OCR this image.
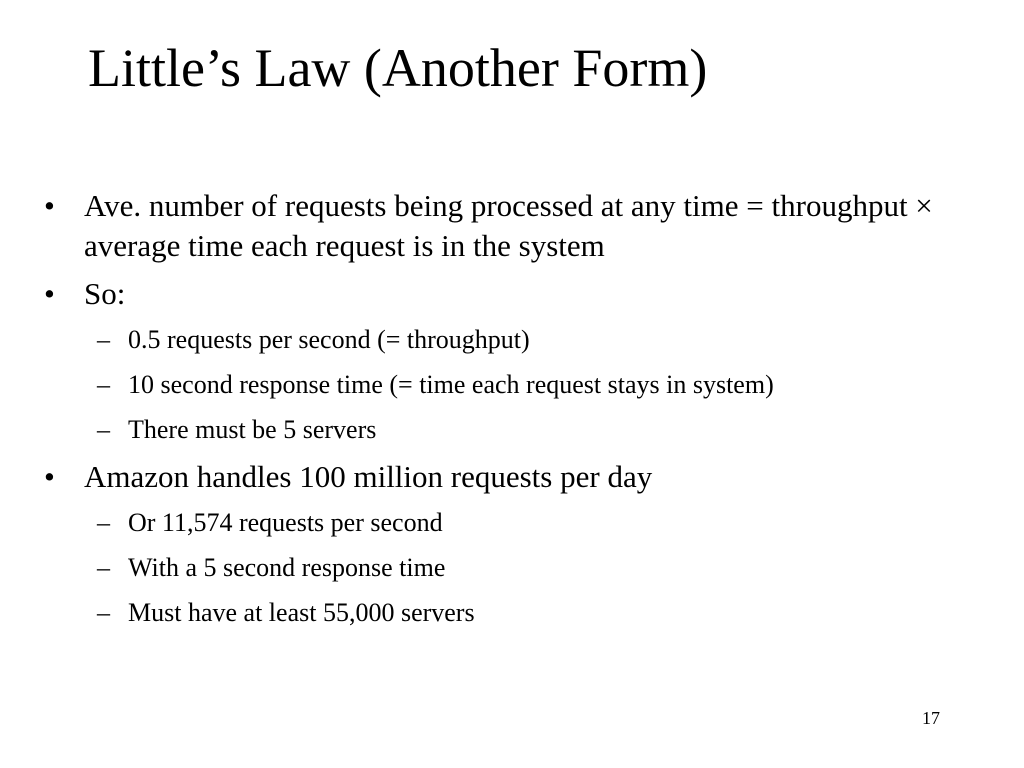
Little’s Law (Another Form)
• Ave. number of requests being processed at any time = throughput × average time each request is in the system
• So:
– 0.5 requests per second (= throughput)
– 10 second response time (= time each request stays in system)
– There must be 5 servers
• Amazon handles 100 million requests per day
– Or 11,574 requests per second
– With a 5 second response time
– Must have at least 55,000 servers
17
